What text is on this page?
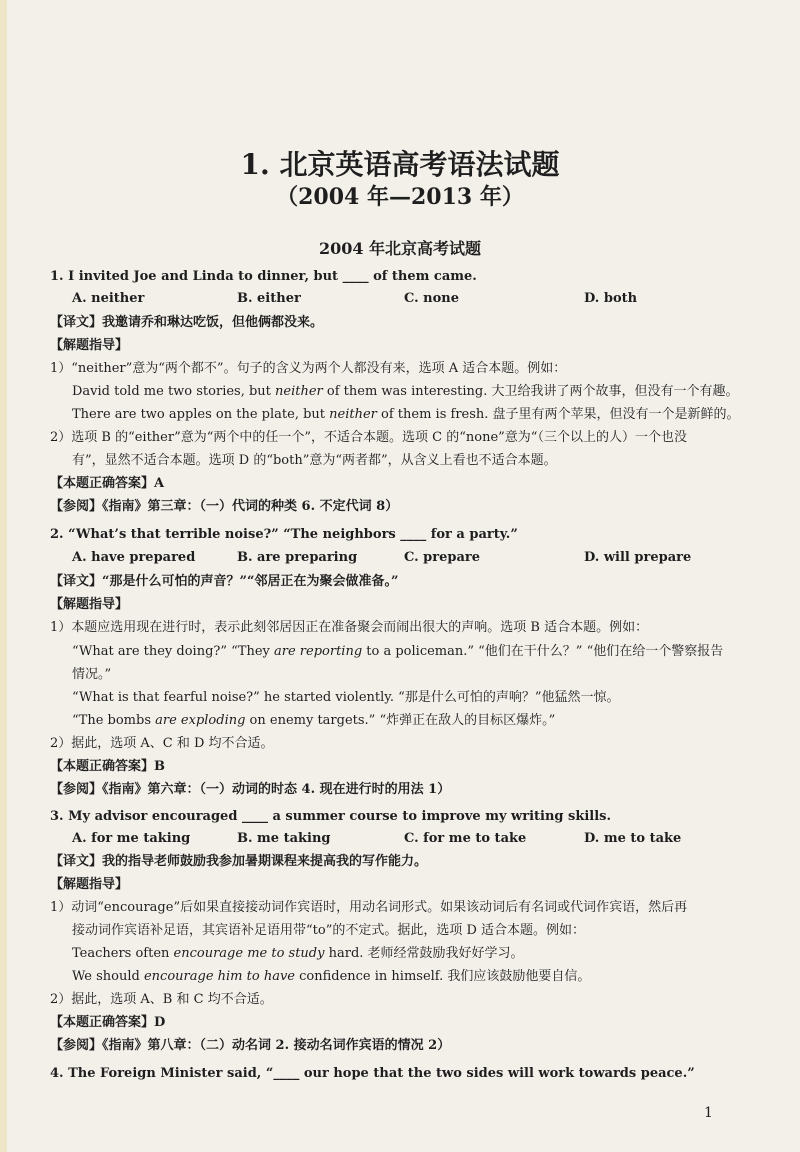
1. 北京英语高考语法试题
（2004 年—2013 年）
2004 年北京高考试题
1. I invited Joe and Linda to dinner, but ____ of them came.
A. neither	B. either	C. none	D. both
【译文】我邀请乔和琳达吃饭，但他俩都没来。
【解题指导】
1）“neither”意为“两个都不”。句子的含义为两个人都没有来，选项 A 适合本题。例如：
David told me two stories, but neither of them was interesting. 大卫给我讲了两个故事，但没有一个有趣。
There are two apples on the plate, but neither of them is fresh. 盘子里有两个苹果，但没有一个是新鲜的。
2）选项 B 的“either”意为“两个中的任一个”，不适合本题。选项 C 的“none”意为“（三个以上的人）一个也没
有”，显然不适合本题。选项 D 的“both”意为“两者都”，从含义上看也不适合本题。
【本题正确答案】A
【参阅】《指南》第三章：（一）代词的种类 6. 不定代词 8）
2. “What’s that terrible noise?” “The neighbors ____ for a party.”
A. have prepared	B. are preparing	C. prepare	D. will prepare
【译文】“那是什么可怕的声音？”“邻居正在为聚会做准备。”
【解题指导】
1）本题应选用现在进行时，表示此刻邻居因正在准备聚会而闹出很大的声响。选项 B 适合本题。例如：
“What are they doing?” “They are reporting to a policeman.” “他们在干什么？” “他们在给一个警察报告
情况。”
“What is that fearful noise?” he started violently. “那是什么可怕的声响？”他猛然一惊。
“The bombs are exploding on enemy targets.” “炸弹正在敌人的目标区爆炸。”
2）据此，选项 A、C 和 D 均不合适。
【本题正确答案】B
【参阅】《指南》第六章：（一）动词的时态 4. 现在进行时的用法 1）
3. My advisor encouraged ____ a summer course to improve my writing skills.
A. for me taking	B. me taking	C. for me to take	D. me to take
【译文】我的指导老师鼓励我参加暑期课程来提高我的写作能力。
【解题指导】
1）动词“encourage”后如果直接接动词作宾语时，用动名词形式。如果该动词后有名词或代词作宾语，然后再
接动词作宾语补足语，其宾语补足语用带“to”的不定式。据此，选项 D 适合本题。例如：
Teachers often encourage me to study hard. 老师经常鼓励我好好学习。
We should encourage him to have confidence in himself. 我们应该鼓励他要自信。
2）据此，选项 A、B 和 C 均不合适。
【本题正确答案】D
【参阅】《指南》第八章：（二）动名词 2. 接动名词作宾语的情况 2）
4. The Foreign Minister said, “____ our hope that the two sides will work towards peace.”
1
